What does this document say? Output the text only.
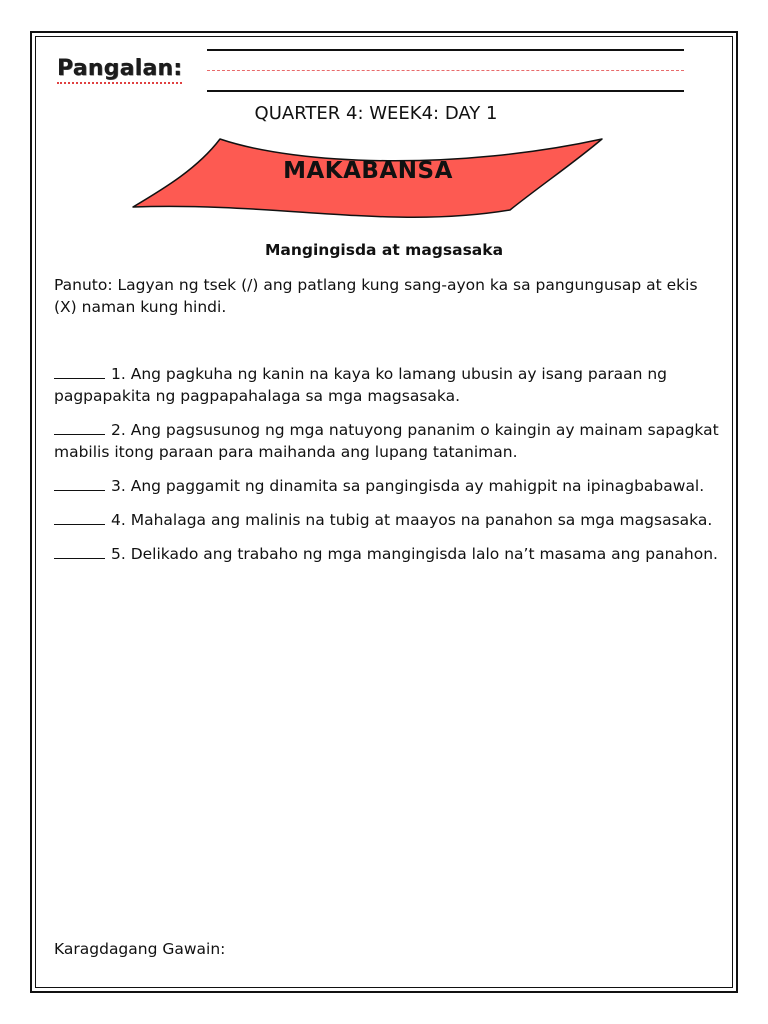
Pangalan:

QUARTER 4: WEEK4: DAY 1

MAKABANSA

Mangingisda at magsasaka

Panuto: Lagyan ng tsek (/) ang patlang kung sang-ayon ka sa pangungusap at ekis (X) naman kung hindi.

1. Ang pagkuha ng kanin na kaya ko lamang ubusin ay isang paraan ng pagpapakita ng pagpapahalaga sa mga magsasaka.
2. Ang pagsusunog ng mga natuyong pananim o kaingin ay mainam sapagkat mabilis itong paraan para maihanda ang lupang tataniman.
3. Ang paggamit ng dinamita sa pangingisda ay mahigpit na ipinagbabawal.
4. Mahalaga ang malinis na tubig at maayos na panahon sa mga magsasaka.
5. Delikado ang trabaho ng mga mangingisda lalo na’t masama ang panahon.

Karagdagang Gawain:
